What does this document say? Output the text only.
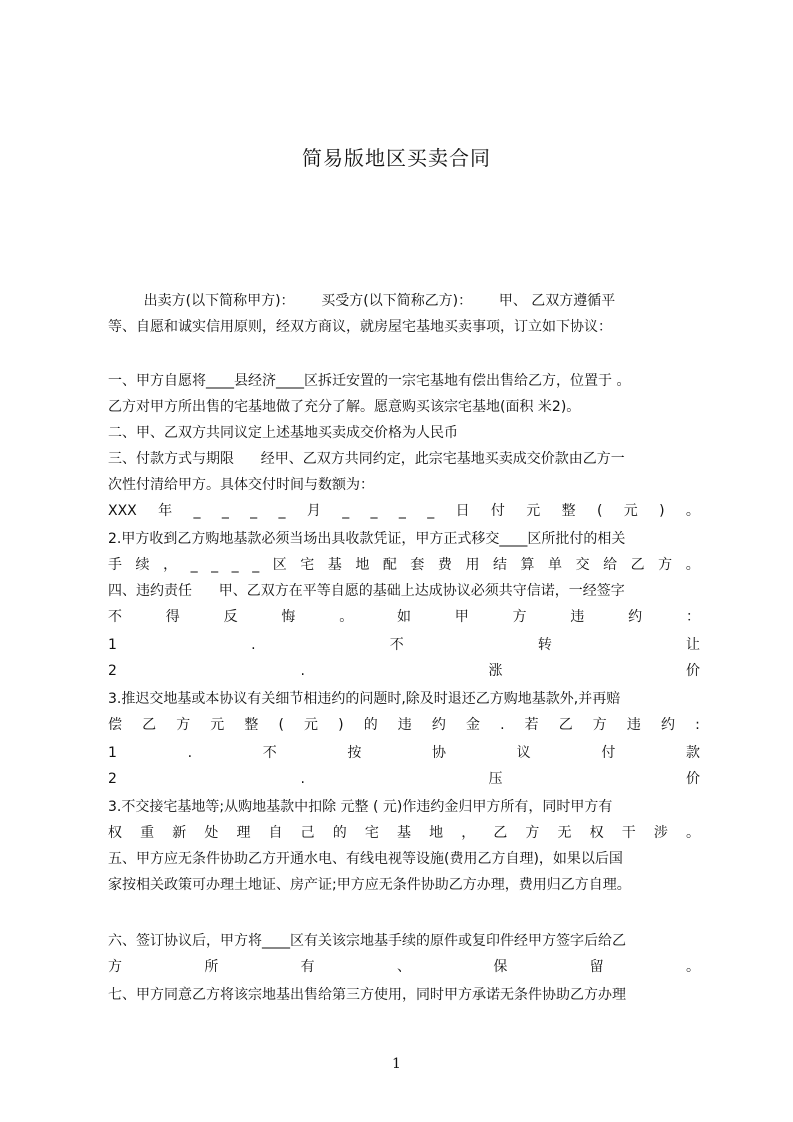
简易版地区买卖合同
出卖方(以下简称甲方)：      买受方(以下简称乙方)：      甲、 乙双方遵循平
等、自愿和诚实信用原则，经双方商议，就房屋宅基地买卖事项，订立如下协议：
一、甲方自愿将____县经济____区拆迁安置的一宗宅基地有偿出售给乙方，位置于 。
乙方对甲方所出售的宅基地做了充分了解。愿意购买该宗宅基地(面积 米2)。
二、甲、乙双方共同议定上述基地买卖成交价格为人民币
三、付款方式与期限      经甲、乙双方共同约定，此宗宅基地买卖成交价款由乙方一
次性付清给甲方。具体交付时间与数额为：
XXX 年 _ _ _ _ 月 _ _ _ _ 日 付 元 整 ( 元 ) 。
2.甲方收到乙方购地基款必须当场出具收款凭证，甲方正式移交____区所批付的相关
手 续 ， _ _ _ _ 区 宅 基 地 配 套 费 用 结 算 单 交 给 乙 方 。
四、违约责任      甲、乙双方在平等自愿的基础上达成协议必须共守信诺，一经签字
不	得	反	悔	。	如	甲	方	违	约	：
1	.	不	转	让
2	.	涨	价
3.推迟交地基或本协议有关细节相违约的问题时,除及时退还乙方购地基款外,并再赔
偿 乙 方 元 整 ( 元 ) 的 违 约 金 . 若 乙 方 违 约 :
1	.	不	按	协	议	付	款
2	.	压	价
3.不交接宅基地等;从购地基款中扣除 元整 ( 元)作违约金归甲方所有，同时甲方有
权 重 新 处 理 自 己 的 宅 基 地 ， 乙 方 无 权 干 涉 。
五、甲方应无条件协助乙方开通水电、有线电视等设施(费用乙方自理)，如果以后国
家按相关政策可办理土地证、房产证;甲方应无条件协助乙方办理，费用归乙方自理。
六、签订协议后，甲方将____区有关该宗地基手续的原件或复印件经甲方签字后给乙
方	所	有	、	保	留	。
七、甲方同意乙方将该宗地基出售给第三方使用，同时甲方承诺无条件协助乙方办理
1
